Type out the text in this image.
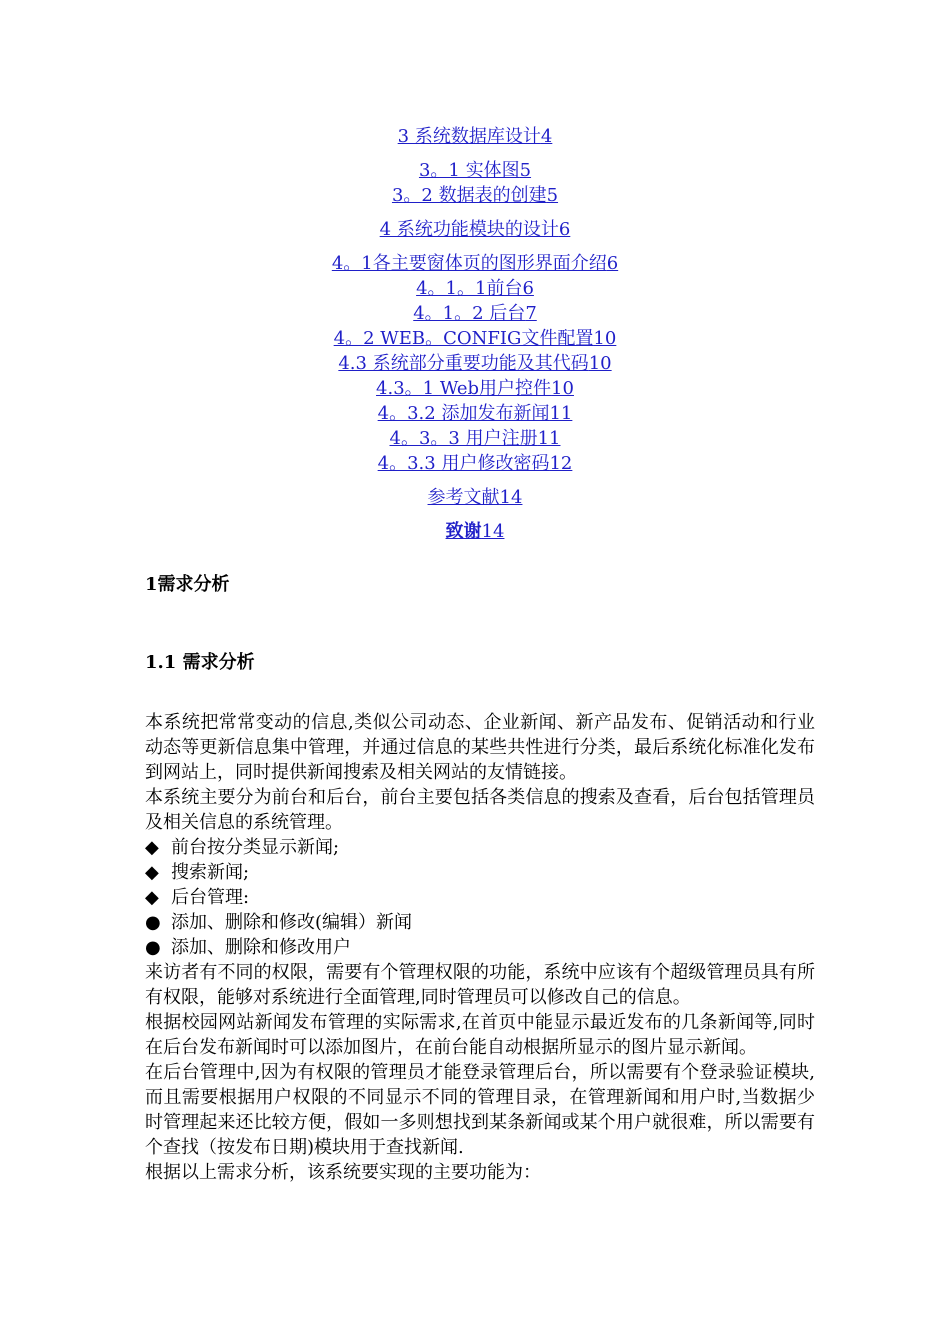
3 系统数据库设计4
3。1 实体图5
3。2 数据表的创建5
4 系统功能模块的设计6
4。1各主要窗体页的图形界面介绍6
4。1。1前台6
4。1。2 后台7
4。2 WEB。CONFIG文件配置10
4.3 系统部分重要功能及其代码10
4.3。1 Web用户控件10
4。3.2 添加发布新闻11
4。3。3 用户注册11
4。3.3 用户修改密码12
参考文献14
致谢14
1需求分析
1.1 需求分析

本系统把常常变动的信息,类似公司动态、企业新闻、新产品发布、促销活动和行业动态等更新信息集中管理，并通过信息的某些共性进行分类，最后系统化标准化发布到网站上，同时提供新闻搜索及相关网站的友情链接。

本系统主要分为前台和后台，前台主要包括各类信息的搜索及查看，后台包括管理员及相关信息的系统管理。

◆ 前台按分类显示新闻;
◆ 搜索新闻;
◆ 后台管理:
● 添加、删除和修改(编辑）新闻
● 添加、删除和修改用户

来访者有不同的权限，需要有个管理权限的功能，系统中应该有个超级管理员具有所有权限，能够对系统进行全面管理,同时管理员可以修改自己的信息。

根据校园网站新闻发布管理的实际需求,在首页中能显示最近发布的几条新闻等,同时在后台发布新闻时可以添加图片，在前台能自动根据所显示的图片显示新闻。

在后台管理中,因为有权限的管理员才能登录管理后台，所以需要有个登录验证模块,而且需要根据用户权限的不同显示不同的管理目录，在管理新闻和用户时,当数据少时管理起来还比较方便，假如一多则想找到某条新闻或某个用户就很难，所以需要有个查找（按发布日期)模块用于查找新闻.

根据以上需求分析，该系统要实现的主要功能为：
